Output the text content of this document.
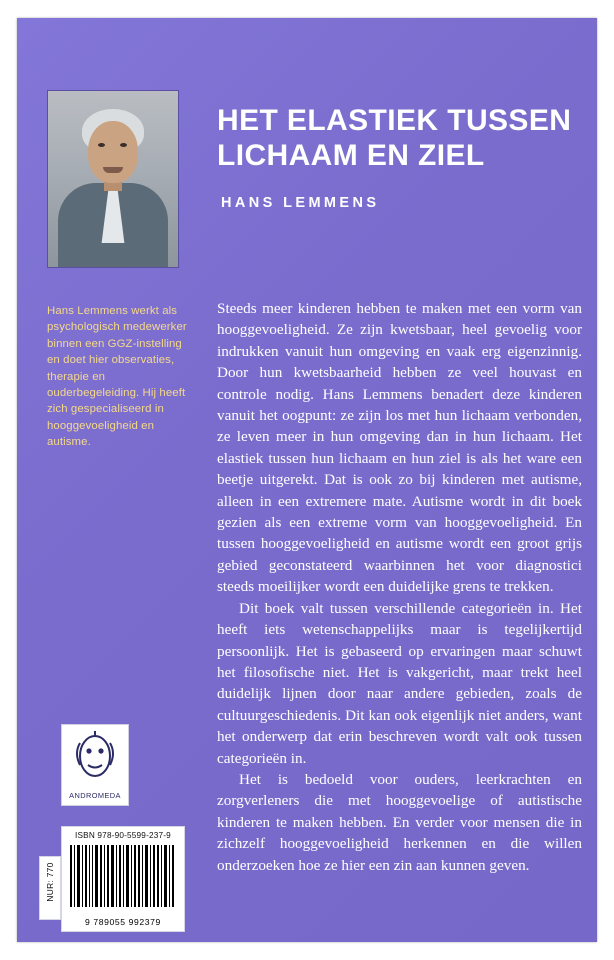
Hans Lemmens werkt als psychologisch medewerker binnen een GGZ-instelling en doet hier observaties, therapie en ouderbegeleiding. Hij heeft zich gespecialiseerd in hooggevoeligheid en autisme.
HET ELASTIEK TUSSEN LICHAAM EN ZIEL
HANS LEMMENS

Steeds meer kinderen hebben te maken met een vorm van hooggevoeligheid. Ze zijn kwetsbaar, heel gevoelig voor indrukken vanuit hun omgeving en vaak erg eigenzinnig. Door hun kwetsbaarheid hebben ze veel houvast en controle nodig. Hans Lemmens benadert deze kinderen vanuit het oogpunt: ze zijn los met hun lichaam verbonden, ze leven meer in hun omgeving dan in hun lichaam. Het elastiek tussen hun lichaam en hun ziel is als het ware een beetje uitgerekt. Dat is ook zo bij kinderen met autisme, alleen in een extremere mate. Autisme wordt in dit boek gezien als een extreme vorm van hooggevoeligheid. En tussen hooggevoeligheid en autisme wordt een groot grijs gebied geconstateerd waarbinnen het voor diagnostici steeds moeilijker wordt een duidelijke grens te trekken.

Dit boek valt tussen verschillende categorieën in. Het heeft iets wetenschappelijks maar is tegelijkertijd persoonlijk. Het is gebaseerd op ervaringen maar schuwt het filosofische niet. Het is vakgericht, maar trekt heel duidelijk lijnen door naar andere gebieden, zoals de cultuurgeschiedenis. Dit kan ook eigenlijk niet anders, want het onderwerp dat erin beschreven wordt valt ook tussen categorieën in.

Het is bedoeld voor ouders, leerkrachten en zorgverleners die met hooggevoelige of autistische kinderen te maken hebben. En verder voor mensen die in zichzelf hooggevoeligheid herkennen en die willen onderzoeken hoe ze hier een zin aan kunnen geven.

ANDROMEDA
ISBN 978-90-5599-237-9
9 789055 992379
NUR: 770
